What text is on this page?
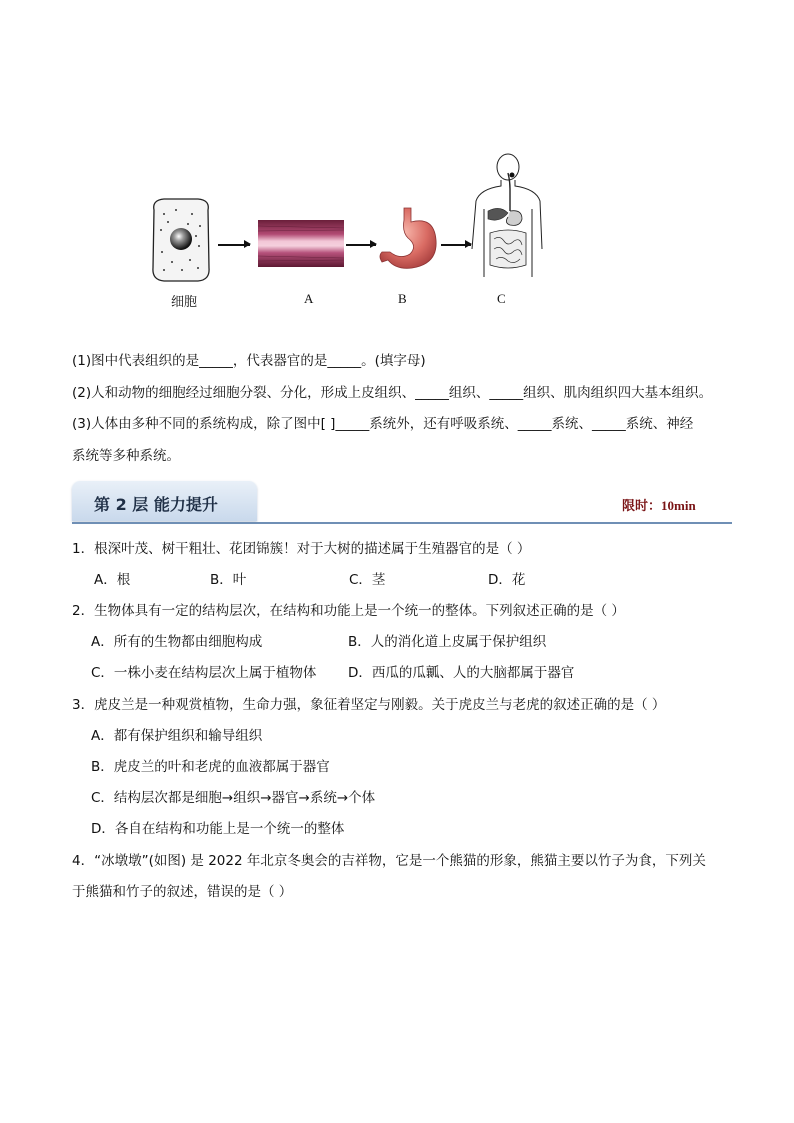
细胞	A	B	C
(1)图中代表组织的是_____，代表器官的是_____。(填字母)
(2)人和动物的细胞经过细胞分裂、分化，形成上皮组织、_____组织、_____组织、肌肉组织四大基本组织。
(3)人体由多种不同的系统构成，除了图中[ ]_____系统外，还有呼吸系统、_____系统、_____系统、神经
系统等多种系统。
第 2 层 能力提升	限时：10min
1．根深叶茂、树干粗壮、花团锦簇！对于大树的描述属于生殖器官的是（ ）
A．根	B．叶	C．茎	D．花
2．生物体具有一定的结构层次，在结构和功能上是一个统一的整体。下列叙述正确的是（ ）
A．所有的生物都由细胞构成	B．人的消化道上皮属于保护组织
C．一株小麦在结构层次上属于植物体 D．西瓜的瓜瓤、人的大脑都属于器官
3．虎皮兰是一种观赏植物，生命力强，象征着坚定与刚毅。关于虎皮兰与老虎的叙述正确的是（ ）
A．都有保护组织和输导组织
B．虎皮兰的叶和老虎的血液都属于器官
C．结构层次都是细胞→组织→器官→系统→个体
D．各自在结构和功能上是一个统一的整体
4．“冰墩墩”(如图) 是 2022 年北京冬奥会的吉祥物，它是一个熊猫的形象，熊猫主要以竹子为食，下列关
于熊猫和竹子的叙述，错误的是（ ）
